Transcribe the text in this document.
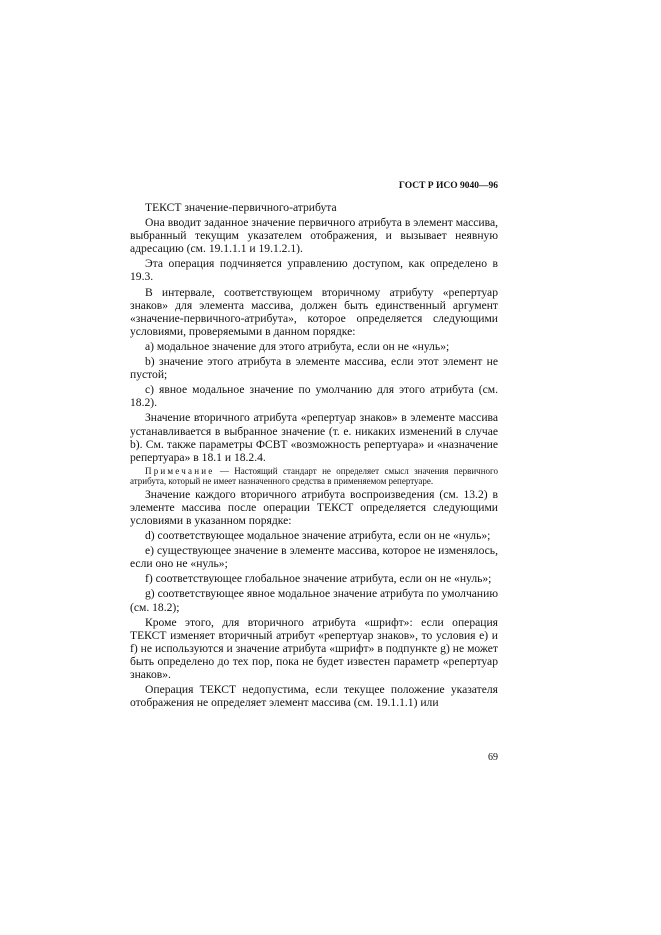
ГОСТ Р ИСО 9040—96

ТЕКСТ значение-первичного-атрибута

Она вводит заданное значение первичного атрибута в элемент массива, выбранный текущим указателем отображения, и вызывает неявную адресацию (см. 19.1.1.1 и 19.1.2.1).

Эта операция подчиняется управлению доступом, как определено в 19.3.

В интервале, соответствующем вторичному атрибуту «репертуар знаков» для элемента массива, должен быть единственный аргумент «значение-первичного-атрибута», которое определяется следующими условиями, проверяемыми в данном порядке:

a) модальное значение для этого атрибута, если он не «нуль»;

b) значение этого атрибута в элементе массива, если этот элемент не пустой;

c) явное модальное значение по умолчанию для этого атрибута (см. 18.2).

Значение вторичного атрибута «репертуар знаков» в элементе массива устанавливается в выбранное значение (т. е. никаких изменений в случае b). См. также параметры ФСВТ «возможность репертуара» и «назначение репертуара» в 18.1 и 18.2.4.

Примечание — Настоящий стандарт не определяет смысл значения первичного атрибута, который не имеет назначенного средства в применяемом репертуаре.

Значение каждого вторичного атрибута воспроизведения (см. 13.2) в элементе массива после операции ТЕКСТ определяется следующими условиями в указанном порядке:

d) соответствующее модальное значение атрибута, если он не «нуль»;

e) существующее значение в элементе массива, которое не изменялось, если оно не «нуль»;

f) соответствующее глобальное значение атрибута, если он не «нуль»;

g) соответствующее явное модальное значение атрибута по умолчанию (см. 18.2);

Кроме этого, для вторичного атрибута «шрифт»: если операция ТЕКСТ изменяет вторичный атрибут «репертуар знаков», то условия e) и f) не используются и значение атрибута «шрифт» в подпункте g) не может быть определено до тех пор, пока не будет известен параметр «репертуар знаков».

Операция ТЕКСТ недопустима, если текущее положение указателя отображения не определяет элемент массива (см. 19.1.1.1) или

69
